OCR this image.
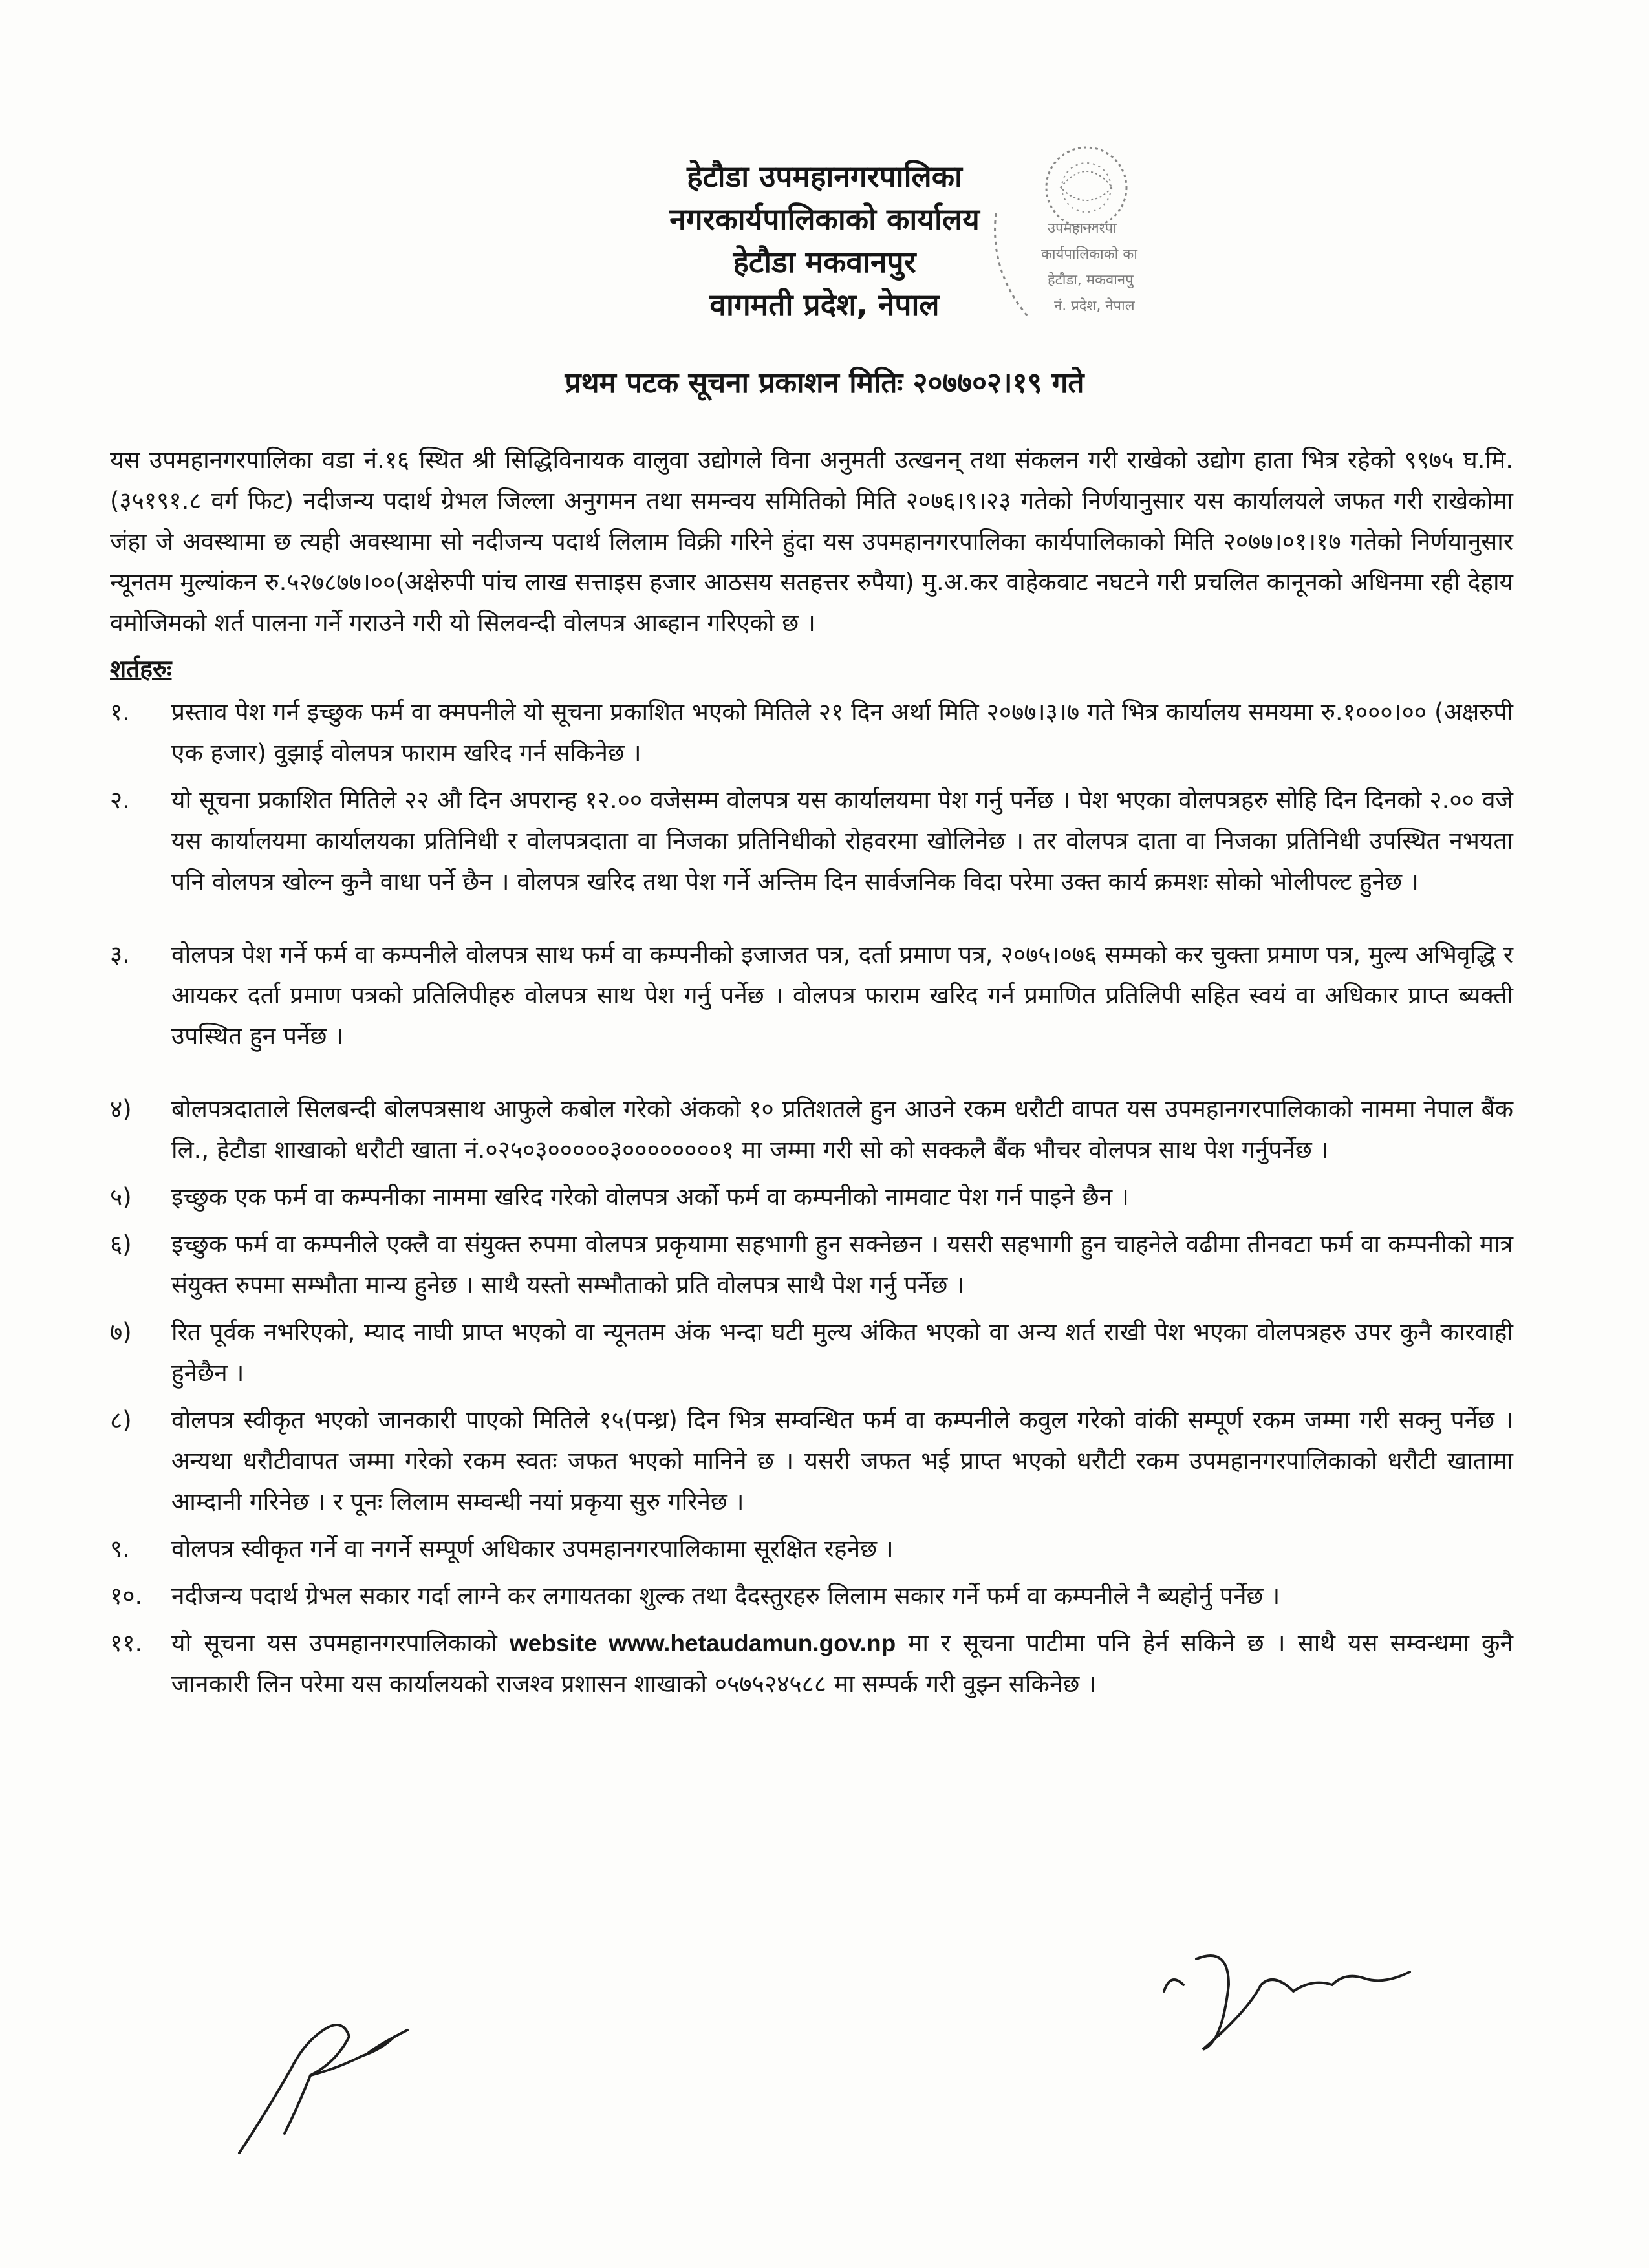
हेटौडा उपमहानगरपालिका
नगरकार्यपालिकाको कार्यालय
हेटौडा मकवानपुर
वागमती प्रदेश, नेपाल
उपमहानगरपा
कार्यपालिकाको का
हेटौडा, मकवानपु
नं. प्रदेश, नेपाल
प्रथम पटक सूचना प्रकाशन मितिः २०७७०२।१९ गते
यस उपमहानगरपालिका वडा नं.१६ स्थित श्री सिद्धिविनायक वालुवा उद्योगले विना अनुमती उत्खनन् तथा संकलन गरी राखेको उद्योग हाता भित्र रहेको ९९७५ घ.मि.(३५१९१.८ वर्ग फिट) नदीजन्य पदार्थ ग्रेभल जिल्ला अनुगमन तथा समन्वय समितिको मिति २०७६।९।२३ गतेको निर्णयानुसार यस कार्यालयले जफत गरी राखेकोमा जंहा जे अवस्थामा छ त्यही अवस्थामा सो नदीजन्य पदार्थ लिलाम विक्री गरिने हुंदा यस उपमहानगरपालिका कार्यपालिकाको मिति २०७७।०१।१७ गतेको निर्णयानुसार न्यूनतम मुल्यांकन रु.५२७८७७।००(अक्षेरुपी पांच लाख सत्ताइस हजार आठसय सतहत्तर रुपैया) मु.अ.कर वाहेकवाट नघटने गरी प्रचलित कानूनको अधिनमा रही देहाय वमोजिमको शर्त पालना गर्ने गराउने गरी यो सिलवन्दी वोलपत्र आब्हान गरिएको छ ।
शर्तहरुः
१.	प्रस्ताव पेश गर्न इच्छुक फर्म वा क्मपनीले यो सूचना प्रकाशित भएको मितिले २१ दिन अर्था मिति २०७७।३।७ गते भित्र कार्यालय समयमा रु.१०००।०० (अक्षरुपी एक हजार) वुझाई वोलपत्र फाराम खरिद गर्न सकिनेछ ।
२.	यो सूचना प्रकाशित मितिले २२ औ दिन अपरान्ह १२.०० वजेसम्म वोलपत्र यस कार्यालयमा पेश गर्नु पर्नेछ । पेश भएका वोलपत्रहरु सोहि दिन दिनको २.०० वजे यस कार्यालयमा कार्यालयका प्रतिनिधी र वोलपत्रदाता वा निजका प्रतिनिधीको रोहवरमा खोलिनेछ । तर वोलपत्र दाता वा निजका प्रतिनिधी उपस्थित नभयता पनि वोलपत्र खोल्न कुनै वाधा पर्ने छैन । वोलपत्र खरिद तथा पेश गर्ने अन्तिम दिन सार्वजनिक विदा परेमा उक्त कार्य क्रमशः सोको भोलीपल्ट हुनेछ ।
३.	वोलपत्र पेश गर्ने फर्म वा कम्पनीले वोलपत्र साथ फर्म वा कम्पनीको इजाजत पत्र, दर्ता प्रमाण पत्र, २०७५।०७६ सम्मको कर चुक्ता प्रमाण पत्र, मुल्य अभिवृद्धि र आयकर दर्ता प्रमाण पत्रको प्रतिलिपीहरु वोलपत्र साथ पेश गर्नु पर्नेछ । वोलपत्र फाराम खरिद गर्न प्रमाणित प्रतिलिपी सहित स्वयं वा अधिकार प्राप्त ब्यक्ती उपस्थित हुन पर्नेछ ।
४)	बोलपत्रदाताले सिलबन्दी बोलपत्रसाथ आफुले कबोल गरेको अंकको १० प्रतिशतले हुन आउने रकम धरौटी वापत यस उपमहानगरपालिकाको नाममा नेपाल बैंक लि., हेटौडा शाखाको धरौटी खाता नं.०२५०३०००००३००००००००१ मा जम्मा गरी सो को सक्कलै बैंक भौचर वोलपत्र साथ पेश गर्नुपर्नेछ ।
५)	इच्छुक एक फर्म वा कम्पनीका नाममा खरिद गरेको वोलपत्र अर्को फर्म वा कम्पनीको नामवाट पेश गर्न पाइने छैन ।
६)	इच्छुक फर्म वा कम्पनीले एक्लै वा संयुक्त रुपमा वोलपत्र प्रकृयामा सहभागी हुन सक्नेछन । यसरी सहभागी हुन चाहनेले वढीमा तीनवटा फर्म वा कम्पनीको मात्र संयुक्त रुपमा सम्भौता मान्य हुनेछ । साथै यस्तो सम्भौताको प्रति वोलपत्र साथै पेश गर्नु पर्नेछ ।
७)	रित पूर्वक नभरिएको, म्याद नाघी प्राप्त भएको वा न्यूनतम अंक भन्दा घटी मुल्य अंकित भएको वा अन्य शर्त राखी पेश भएका वोलपत्रहरु उपर कुनै कारवाही हुनेछैन ।
८)	वोलपत्र स्वीकृत भएको जानकारी पाएको मितिले १५(पन्ध्र) दिन भित्र सम्वन्धित फर्म वा कम्पनीले कवुल गरेको वांकी सम्पूर्ण रकम जम्मा गरी सक्नु पर्नेछ । अन्यथा धरौटीवापत जम्मा गरेको रकम स्वतः जफत भएको मानिने छ । यसरी जफत भई प्राप्त भएको धरौटी रकम उपमहानगरपालिकाको धरौटी खातामा आम्दानी गरिनेछ । र पूनः लिलाम सम्वन्धी नयां प्रकृया सुरु गरिनेछ ।
९.	वोलपत्र स्वीकृत गर्ने वा नगर्ने सम्पूर्ण अधिकार उपमहानगरपालिकामा सूरक्षित रहनेछ ।
१०.	नदीजन्य पदार्थ ग्रेभल सकार गर्दा लाग्ने कर लगायतका शुल्क तथा दैदस्तुरहरु लिलाम सकार गर्ने फर्म वा कम्पनीले नै ब्यहोर्नु पर्नेछ ।
११.	यो सूचना यस उपमहानगरपालिकाको website www.hetaudamun.gov.np मा र सूचना पाटीमा पनि हेर्न सकिने छ । साथै यस सम्वन्धमा कुनै जानकारी लिन परेमा यस कार्यालयको राजश्व प्रशासन शाखाको ०५७५२४५८८ मा सम्पर्क गरी वुझ्न सकिनेछ ।
